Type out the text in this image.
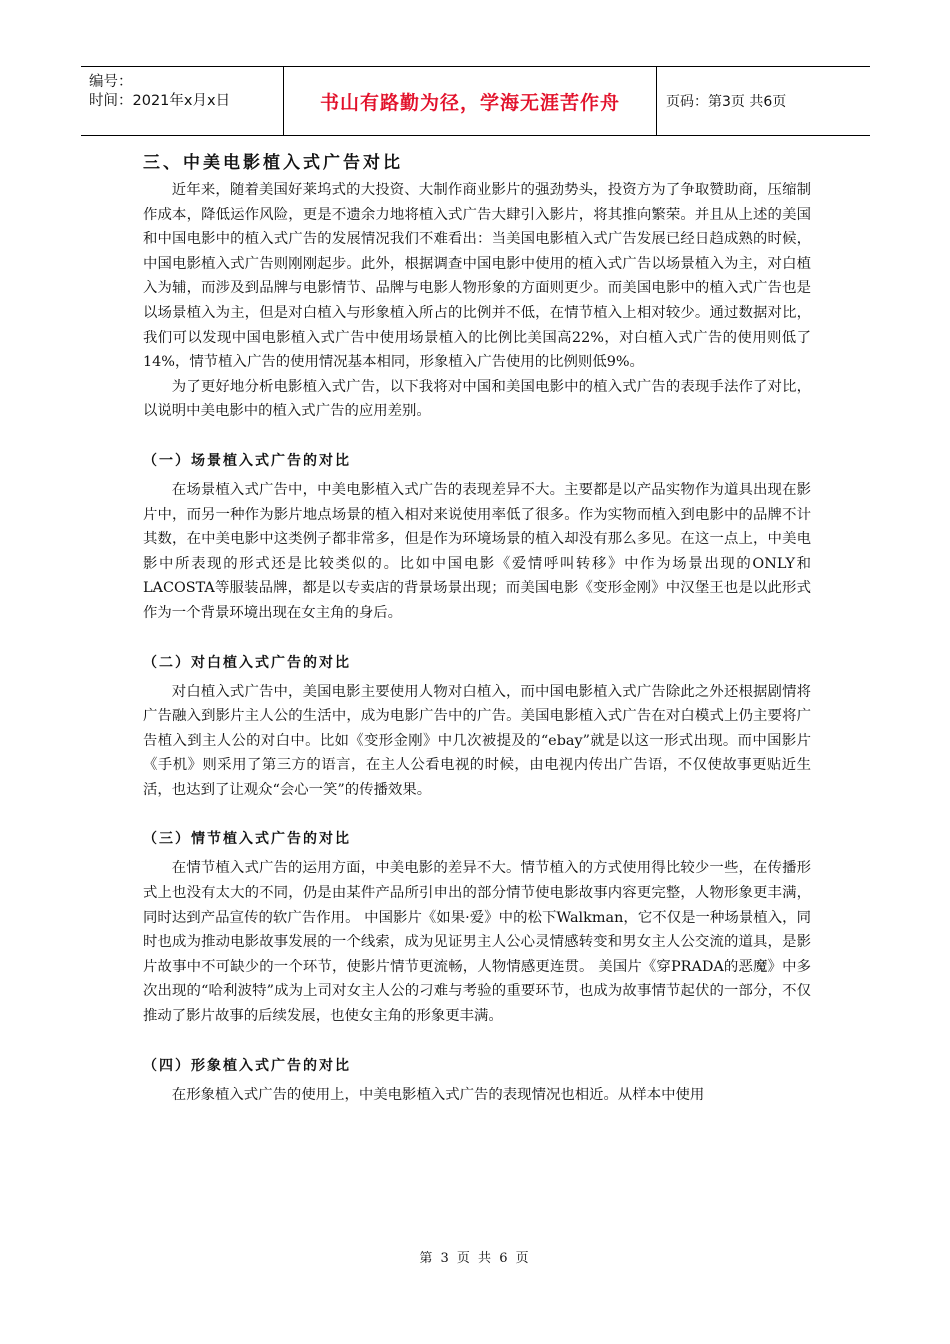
编号：
时间：2021年x月x日	书山有路勤为径，学海无涯苦作舟	页码：第3页 共6页
三、中美电影植入式广告对比

近年来，随着美国好莱坞式的大投资、大制作商业影片的强劲势头，投资方为了争取赞助商，压缩制作成本，降低运作风险，更是不遗余力地将植入式广告大肆引入影片，将其推向繁荣。并且从上述的美国和中国电影中的植入式广告的发展情况我们不难看出：当美国电影植入式广告发展已经日趋成熟的时候，中国电影植入式广告则刚刚起步。此外，根据调查中国电影中使用的植入式广告以场景植入为主，对白植入为辅，而涉及到品牌与电影情节、品牌与电影人物形象的方面则更少。而美国电影中的植入式广告也是以场景植入为主，但是对白植入与形象植入所占的比例并不低，在情节植入上相对较少。通过数据对比，我们可以发现中国电影植入式广告中使用场景植入的比例比美国高22%，对白植入式广告的使用则低了14%，情节植入广告的使用情况基本相同，形象植入广告使用的比例则低9%。

为了更好地分析电影植入式广告，以下我将对中国和美国电影中的植入式广告的表现手法作了对比，以说明中美电影中的植入式广告的应用差别。

（一）场景植入式广告的对比

在场景植入式广告中，中美电影植入式广告的表现差异不大。主要都是以产品实物作为道具出现在影片中，而另一种作为影片地点场景的植入相对来说使用率低了很多。作为实物而植入到电影中的品牌不计其数，在中美电影中这类例子都非常多，但是作为环境场景的植入却没有那么多见。在这一点上，中美电影中所表现的形式还是比较类似的。比如中国电影《爱情呼叫转移》中作为场景出现的ONLY和LACOSTA等服装品牌，都是以专卖店的背景场景出现；而美国电影《变形金刚》中汉堡王也是以此形式作为一个背景环境出现在女主角的身后。

（二）对白植入式广告的对比

对白植入式广告中，美国电影主要使用人物对白植入，而中国电影植入式广告除此之外还根据剧情将广告融入到影片主人公的生活中，成为电影广告中的广告。美国电影植入式广告在对白模式上仍主要将广告植入到主人公的对白中。比如《变形金刚》中几次被提及的“ebay”就是以这一形式出现。而中国影片《手机》则采用了第三方的语言，在主人公看电视的时候，由电视内传出广告语，不仅使故事更贴近生活，也达到了让观众“会心一笑”的传播效果。

（三）情节植入式广告的对比

在情节植入式广告的运用方面，中美电影的差异不大。情节植入的方式使用得比较少一些，在传播形式上也没有太大的不同，仍是由某件产品所引申出的部分情节使电影故事内容更完整，人物形象更丰满，同时达到产品宣传的软广告作用。 中国影片《如果·爱》中的松下Walkman，它不仅是一种场景植入，同时也成为推动电影故事发展的一个线索，成为见证男主人公心灵情感转变和男女主人公交流的道具，是影片故事中不可缺少的一个环节，使影片情节更流畅，人物情感更连贯。 美国片《穿PRADA的恶魔》中多次出现的“哈利波特”成为上司对女主人公的刁难与考验的重要环节，也成为故事情节起伏的一部分，不仅推动了影片故事的后续发展，也使女主角的形象更丰满。

（四）形象植入式广告的对比

在形象植入式广告的使用上，中美电影植入式广告的表现情况也相近。从样本中使用

第 3 页 共 6 页
